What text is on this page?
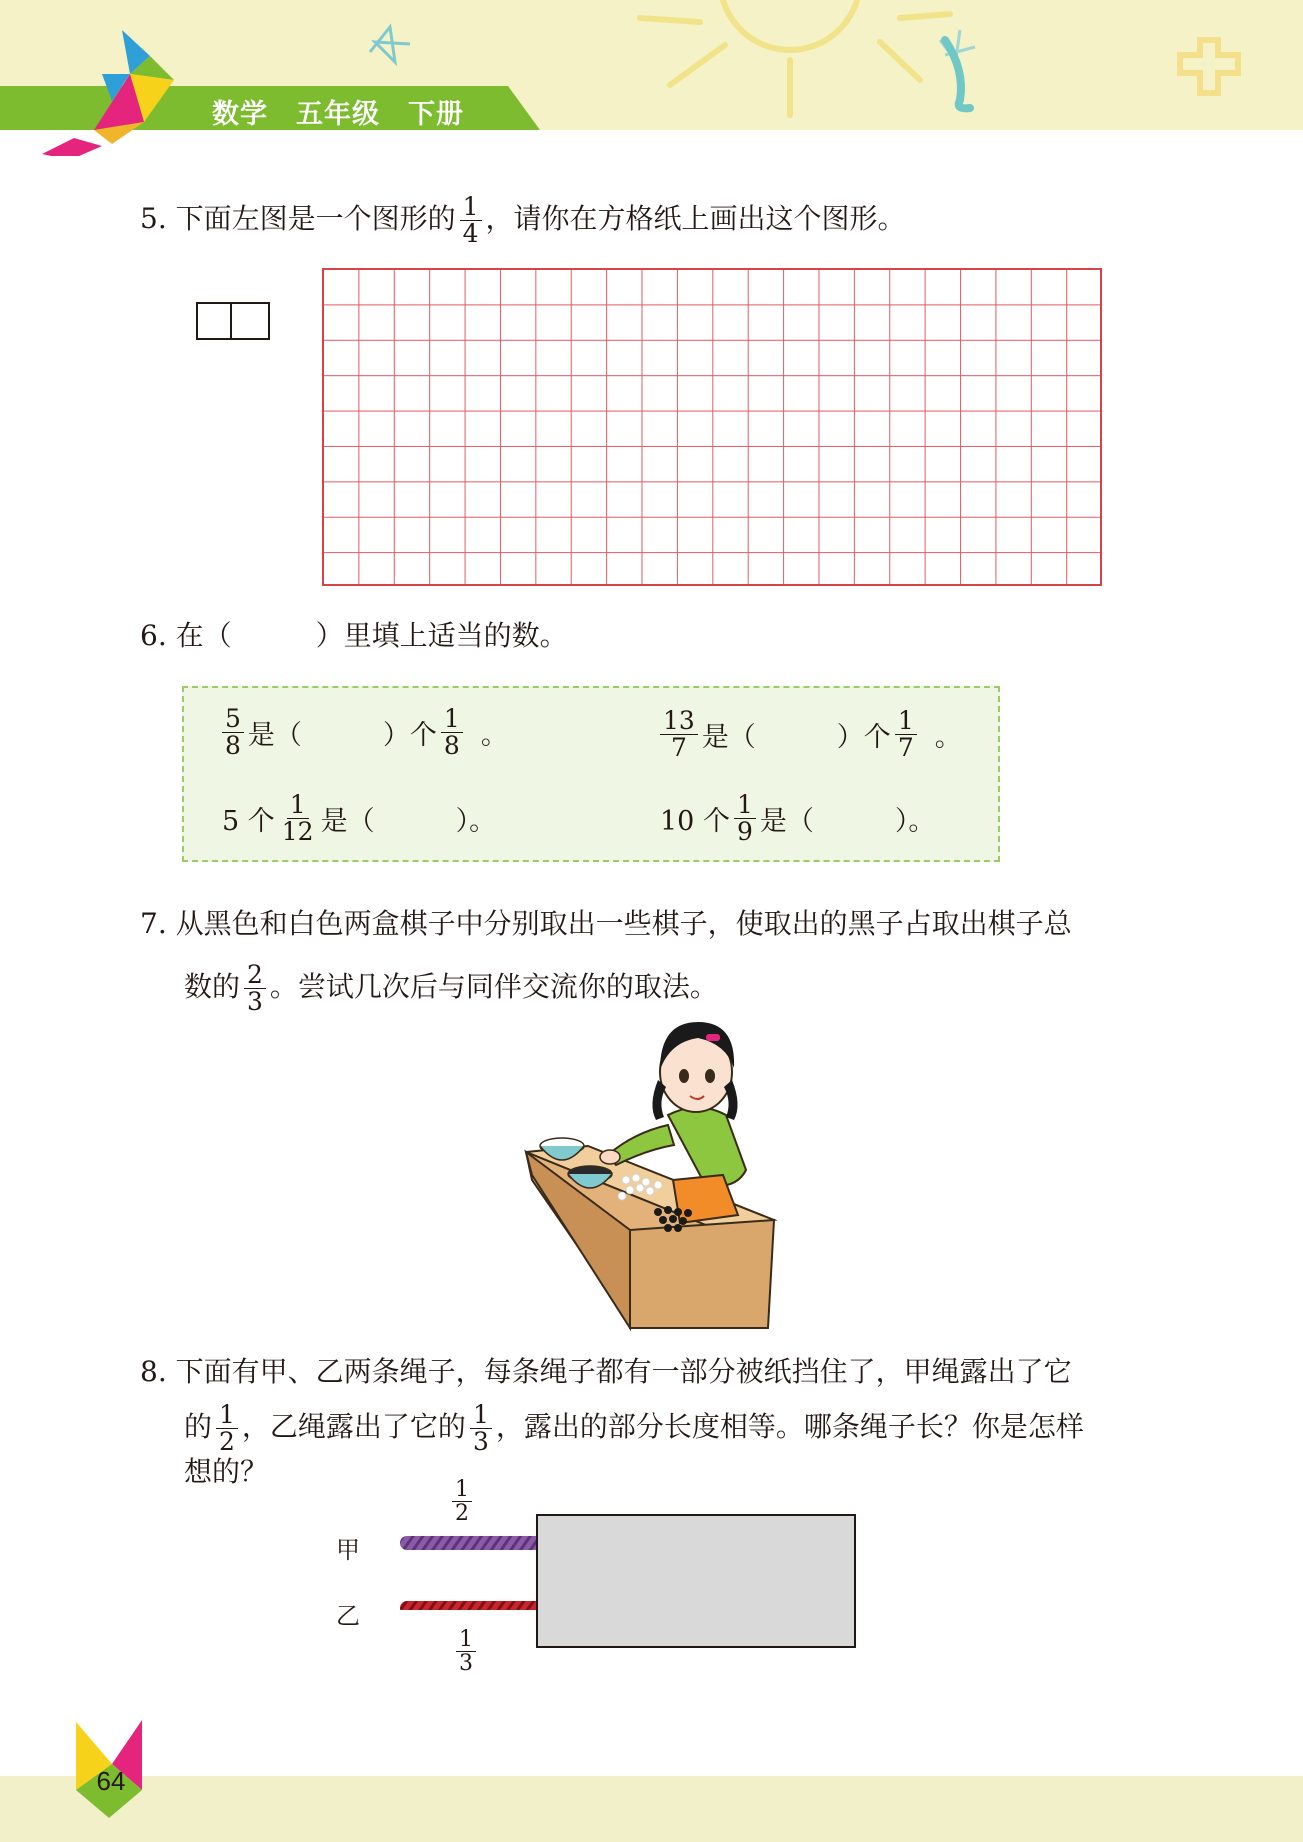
数学　五年级　下册
5. 下面左图是一个图形的 $\frac{1}{4}$ ，请你在方格纸上画出这个图形。
6. 在（　　　）里填上适当的数。
$\frac{5}{8}$ 是（　　　）个 $\frac{1}{8}$ 。	$\frac{13}{7}$ 是（　　　）个 $\frac{1}{7}$ 。
5 个 $\frac{1}{12}$ 是（　　　）。	10 个 $\frac{1}{9}$ 是（　　　）。
7. 从黑色和白色两盒棋子中分别取出一些棋子，使取出的黑子占取出棋子总
数的 $\frac{2}{3}$ 。尝试几次后与同伴交流你的取法。
8. 下面有甲、乙两条绳子，每条绳子都有一部分被纸挡住了，甲绳露出了它
的 $\frac{1}{2}$ ，乙绳露出了它的 $\frac{1}{3}$ ，露出的部分长度相等。哪条绳子长？你是怎样
想的？
$\frac{1}{2}$
甲
乙
$\frac{1}{3}$
64
